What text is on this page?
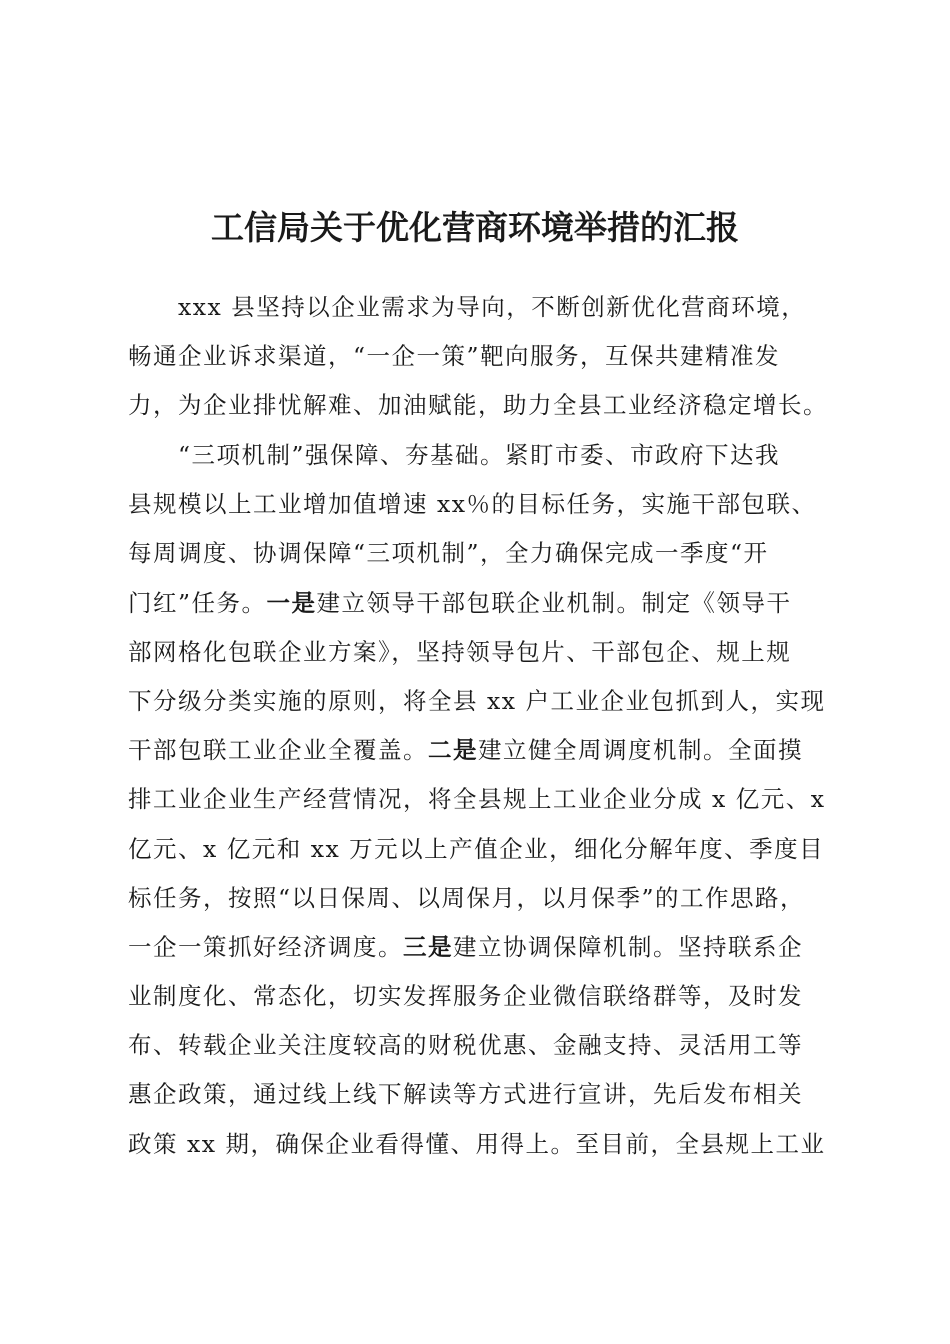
工信局关于优化营商环境举措的汇报
xxx 县坚持以企业需求为导向，不断创新优化营商环境，
畅通企业诉求渠道，“一企一策”靶向服务，互保共建精准发
力，为企业排忧解难、加油赋能，助力全县工业经济稳定增长。
“三项机制”强保障、夯基础。紧盯市委、市政府下达我
县规模以上工业增加值增速 xx％的目标任务，实施干部包联、
每周调度、协调保障“三项机制”，全力确保完成一季度“开
门红”任务。一是建立领导干部包联企业机制。制定《领导干
部网格化包联企业方案》，坚持领导包片、干部包企、规上规
下分级分类实施的原则，将全县 xx 户工业企业包抓到人，实现
干部包联工业企业全覆盖。二是建立健全周调度机制。全面摸
排工业企业生产经营情况，将全县规上工业企业分成 x 亿元、x
亿元、x 亿元和 xx 万元以上产值企业，细化分解年度、季度目
标任务，按照“以日保周、以周保月，以月保季”的工作思路，
一企一策抓好经济调度。三是建立协调保障机制。坚持联系企
业制度化、常态化，切实发挥服务企业微信联络群等，及时发
布、转载企业关注度较高的财税优惠、金融支持、灵活用工等
惠企政策，通过线上线下解读等方式进行宣讲，先后发布相关
政策 xx 期，确保企业看得懂、用得上。至目前，全县规上工业
